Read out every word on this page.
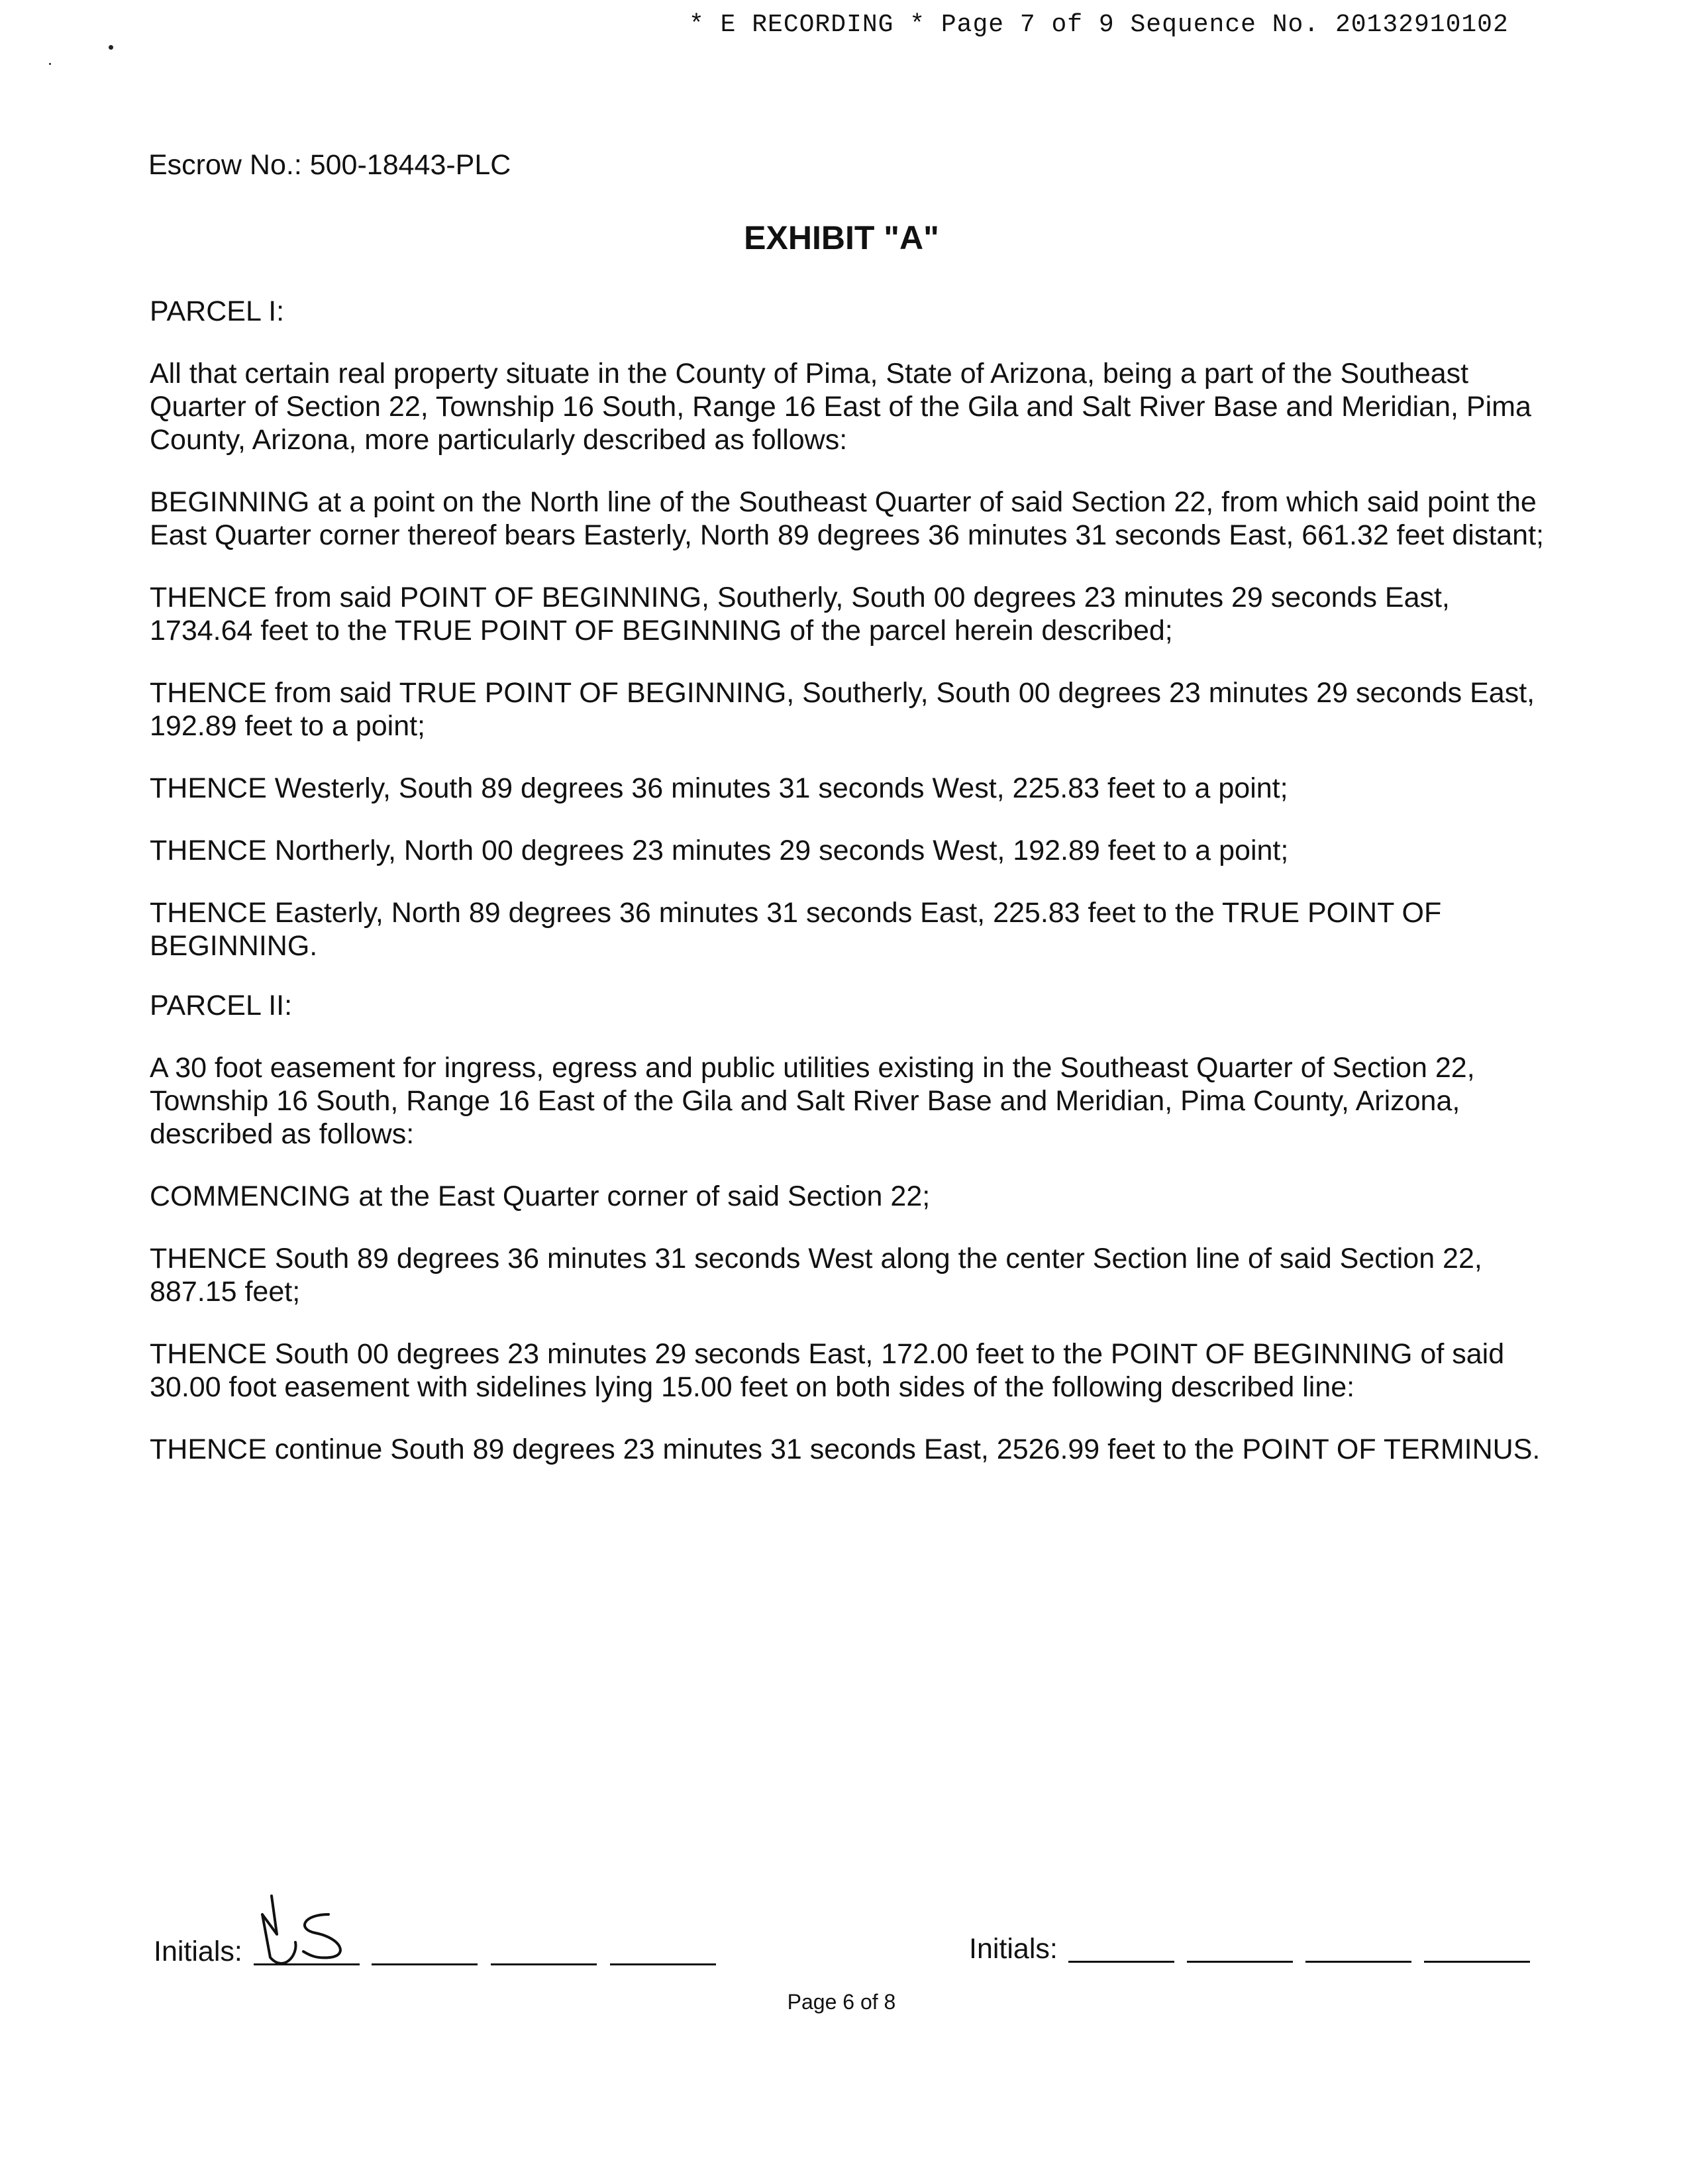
* E RECORDING * Page 7 of 9 Sequence No. 20132910102
Escrow No.: 500-18443-PLC
EXHIBIT "A"

PARCEL I:

All that certain real property situate in the County of Pima, State of Arizona, being a part of the Southeast Quarter of Section 22, Township 16 South, Range 16 East of the Gila and Salt River Base and Meridian, Pima County, Arizona, more particularly described as follows:

BEGINNING at a point on the North line of the Southeast Quarter of said Section 22, from which said point the East Quarter corner thereof bears Easterly, North 89 degrees 36 minutes 31 seconds East, 661.32 feet distant;

THENCE from said POINT OF BEGINNING, Southerly, South 00 degrees 23 minutes 29 seconds East, 1734.64 feet to the TRUE POINT OF BEGINNING of the parcel herein described;

THENCE from said TRUE POINT OF BEGINNING, Southerly, South 00 degrees 23 minutes 29 seconds East, 192.89 feet to a point;

THENCE Westerly, South 89 degrees 36 minutes 31 seconds West, 225.83 feet to a point;

THENCE Northerly, North 00 degrees 23 minutes 29 seconds West, 192.89 feet to a point;

THENCE Easterly, North 89 degrees 36 minutes 31 seconds East, 225.83 feet to the TRUE POINT OF BEGINNING.

PARCEL II:

A 30 foot easement for ingress, egress and public utilities existing in the Southeast Quarter of Section 22, Township 16 South, Range 16 East of the Gila and Salt River Base and Meridian, Pima County, Arizona, described as follows:

COMMENCING at the East Quarter corner of said Section 22;

THENCE South 89 degrees 36 minutes 31 seconds West along the center Section line of said Section 22, 887.15 feet;

THENCE South 00 degrees 23 minutes 29 seconds East, 172.00 feet to the POINT OF BEGINNING of said 30.00 foot easement with sidelines lying 15.00 feet on both sides of the following described line:

THENCE continue South 89 degrees 23 minutes 31 seconds East, 2526.99 feet to the POINT OF TERMINUS.

Initials:	Initials:
Page 6 of 8
